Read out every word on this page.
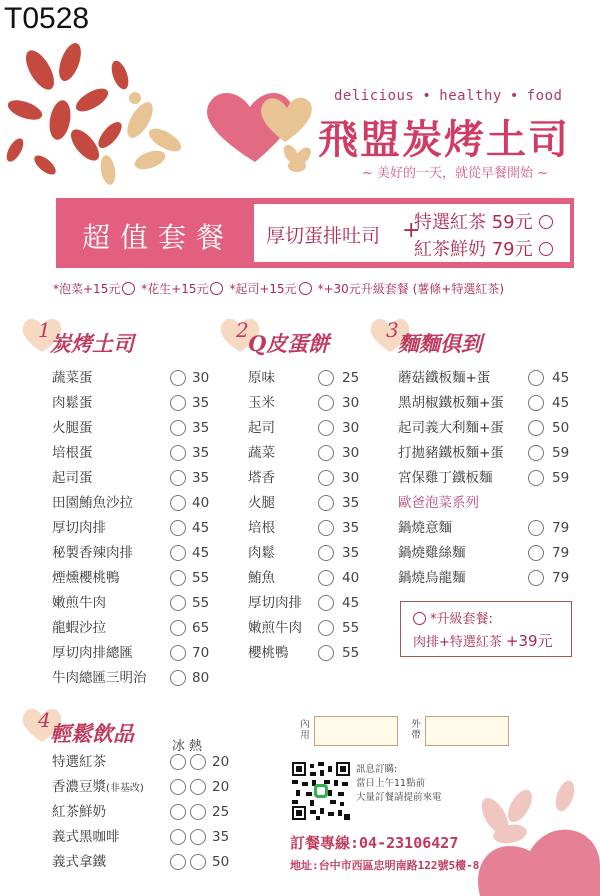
T0528
delicious • healthy • food
飛盟炭烤土司
~ 美好的一天，就從早餐開始 ~
超值套餐	厚切蛋排吐司 +
特選紅茶 59元
紅茶鮮奶 79元
*泡菜+15元 *花生+15元 *起司+15元 *+30元升級套餐 (薯條+特選紅茶)
1
炭烤土司
2
Q皮蛋餅
3
麵麵俱到
4
輕鬆飲品
蔬菜蛋	30
肉鬆蛋	35
火腿蛋	35
培根蛋	35
起司蛋	35
田園鮪魚沙拉	40
厚切肉排	45
秘製香辣肉排	45
煙燻櫻桃鴨	55
嫩煎牛肉	55
龍蝦沙拉	65
厚切肉排總匯	70
牛肉總匯三明治	80
原味	25
玉米	30
起司	30
蔬菜	30
塔香	30
火腿	35
培根	35
肉鬆	35
鮪魚	40
厚切肉排	45
嫩煎牛肉	55
櫻桃鴨	55
蘑菇鐵板麵+蛋	45
黑胡椒鐵板麵+蛋	45
起司義大利麵+蛋	50
打拋豬鐵板麵+蛋	59
宮保雞丁鐵板麵	59
歐爸泡菜系列
鍋燒意麵	79
鍋燒雞絲麵	79
鍋燒烏龍麵	79
*升級套餐:
肉排+特選紅茶 +39元
冰熱
特選紅茶	20
香濃豆漿(非基改)	20
紅茶鮮奶	25
義式黑咖啡	35
義式拿鐵	50
內用
外帶
訊息訂購:
當日上午11點前
大量訂餐請提前來電
訂餐專線:04-23106427
地址:台中市西區忠明南路122號5樓-8
